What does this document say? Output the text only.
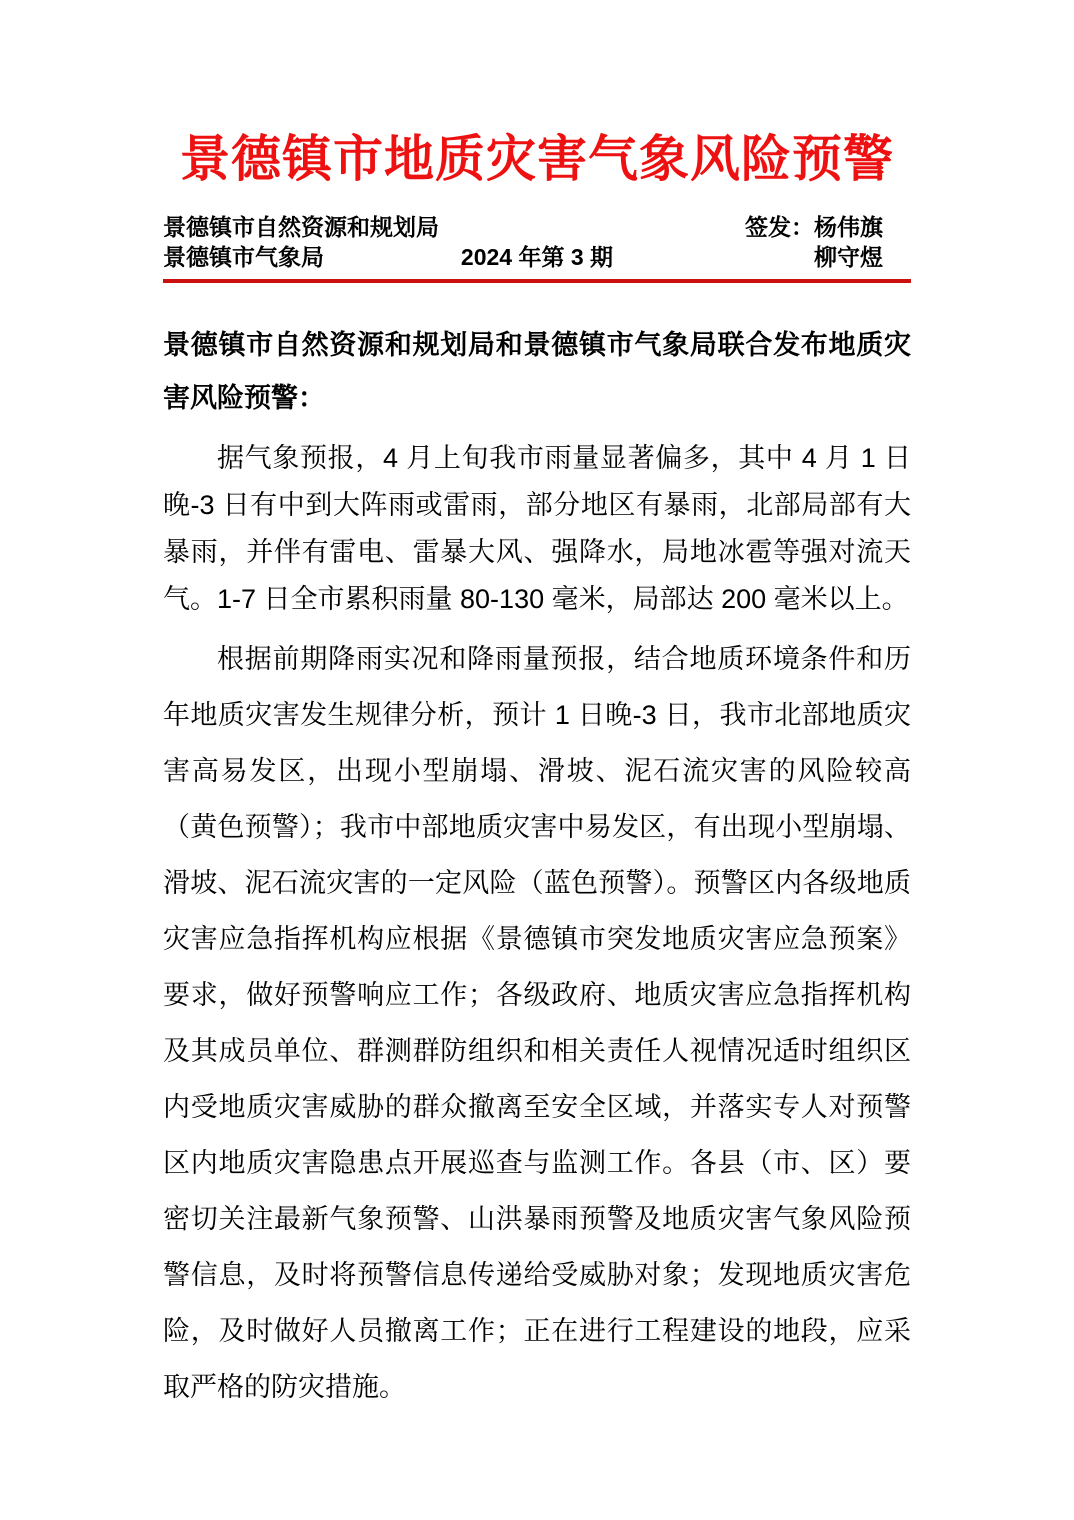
景德镇市地质灾害气象风险预警
景德镇市自然资源和规划局
景德镇市气象局	2024 年第 3 期
签发：杨伟旗
柳守煜

景德镇市自然资源和规划局和景德镇市气象局联合发布地质灾害风险预警：

据气象预报，4 月上旬我市雨量显著偏多，其中 4 月 1 日晚-3 日有中到大阵雨或雷雨，部分地区有暴雨，北部局部有大暴雨，并伴有雷电、雷暴大风、强降水，局地冰雹等强对流天气。1-7 日全市累积雨量 80-130 毫米，局部达 200 毫米以上。

根据前期降雨实况和降雨量预报，结合地质环境条件和历年地质灾害发生规律分析，预计 1 日晚-3 日，我市北部地质灾害高易发区，出现小型崩塌、滑坡、泥石流灾害的风险较高（黄色预警）；我市中部地质灾害中易发区，有出现小型崩塌、滑坡、泥石流灾害的一定风险（蓝色预警）。预警区内各级地质灾害应急指挥机构应根据《景德镇市突发地质灾害应急预案》要求，做好预警响应工作；各级政府、地质灾害应急指挥机构及其成员单位、群测群防组织和相关责任人视情况适时组织区内受地质灾害威胁的群众撤离至安全区域，并落实专人对预警区内地质灾害隐患点开展巡查与监测工作。各县（市、区）要密切关注最新气象预警、山洪暴雨预警及地质灾害气象风险预警信息，及时将预警信息传递给受威胁对象；发现地质灾害危险，及时做好人员撤离工作；正在进行工程建设的地段，应采取严格的防灾措施。
